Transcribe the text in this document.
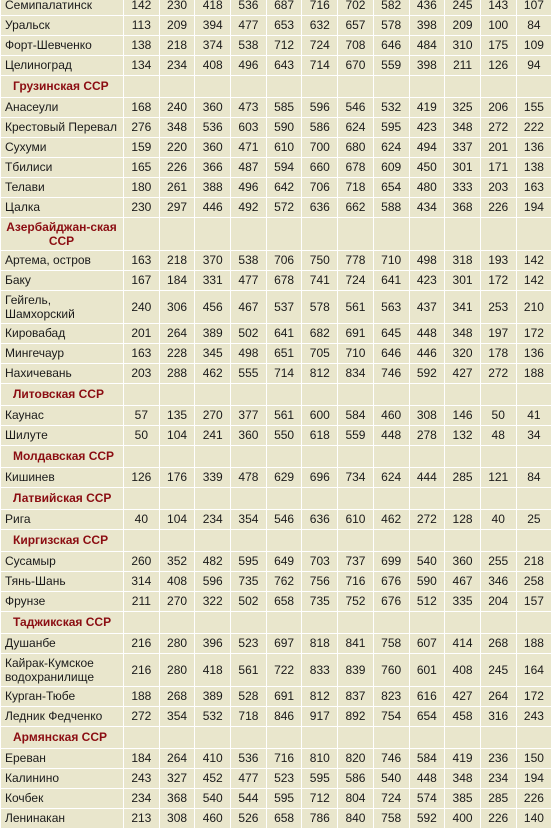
Семипалатинск	142	230	418	536	687	716	702	582	436	245	143	107
Уральск	113	209	394	477	653	632	657	578	398	209	100	84
Форт-Шевченко	138	218	374	538	712	724	708	646	484	310	175	109
Целиноград	134	234	408	496	643	714	670	559	398	211	126	94
Грузинская ССР												
Анасеули	168	240	360	473	585	596	546	532	419	325	206	155
Крестовый Перевал	276	348	536	603	590	586	624	595	423	348	272	222
Сухуми	159	220	360	471	610	700	680	624	494	337	201	136
Тбилиси	165	226	366	487	594	660	678	609	450	301	171	138
Телави	180	261	388	496	642	706	718	654	480	333	203	163
Цалка	230	297	446	492	572	636	662	588	434	368	226	194
Азербайджан-ская ССР												
Артема, остров	163	218	370	538	706	750	778	710	498	318	193	142
Баку	167	184	331	477	678	741	724	641	423	301	172	142
Гейгель, Шамхорский	240	306	456	467	537	578	561	563	437	341	253	210
Кировабад	201	264	389	502	641	682	691	645	448	348	197	172
Мингечаур	163	228	345	498	651	705	710	646	446	320	178	136
Нахичевань	203	288	462	555	714	812	834	746	592	427	272	188
Литовская ССР												
Каунас	57	135	270	377	561	600	584	460	308	146	50	41
Шилуте	50	104	241	360	550	618	559	448	278	132	48	34
Молдавская ССР												
Кишинев	126	176	339	478	629	696	734	624	444	285	121	84
Латвийская ССР												
Рига	40	104	234	354	546	636	610	462	272	128	40	25
Киргизская ССР												
Сусамыр	260	352	482	595	649	703	737	699	540	360	255	218
Тянь-Шань	314	408	596	735	762	756	716	676	590	467	346	258
Фрунзе	211	270	322	502	658	735	752	676	512	335	204	157
Таджикская ССР												
Душанбе	216	280	396	523	697	818	841	758	607	414	268	188
Кайрак-Кумское водохранилище	216	280	418	561	722	833	839	760	601	408	245	164
Курган-Тюбе	188	268	389	528	691	812	837	823	616	427	264	172
Ледник Федченко	272	354	532	718	846	917	892	754	654	458	316	243
Армянская ССР												
Ереван	184	264	410	536	716	810	820	746	584	419	236	150
Калинино	243	327	452	477	523	595	586	540	448	348	234	194
Кочбек	234	368	540	544	595	712	804	724	574	385	285	226
Ленинакан	213	308	460	526	658	786	840	758	592	400	226	140
